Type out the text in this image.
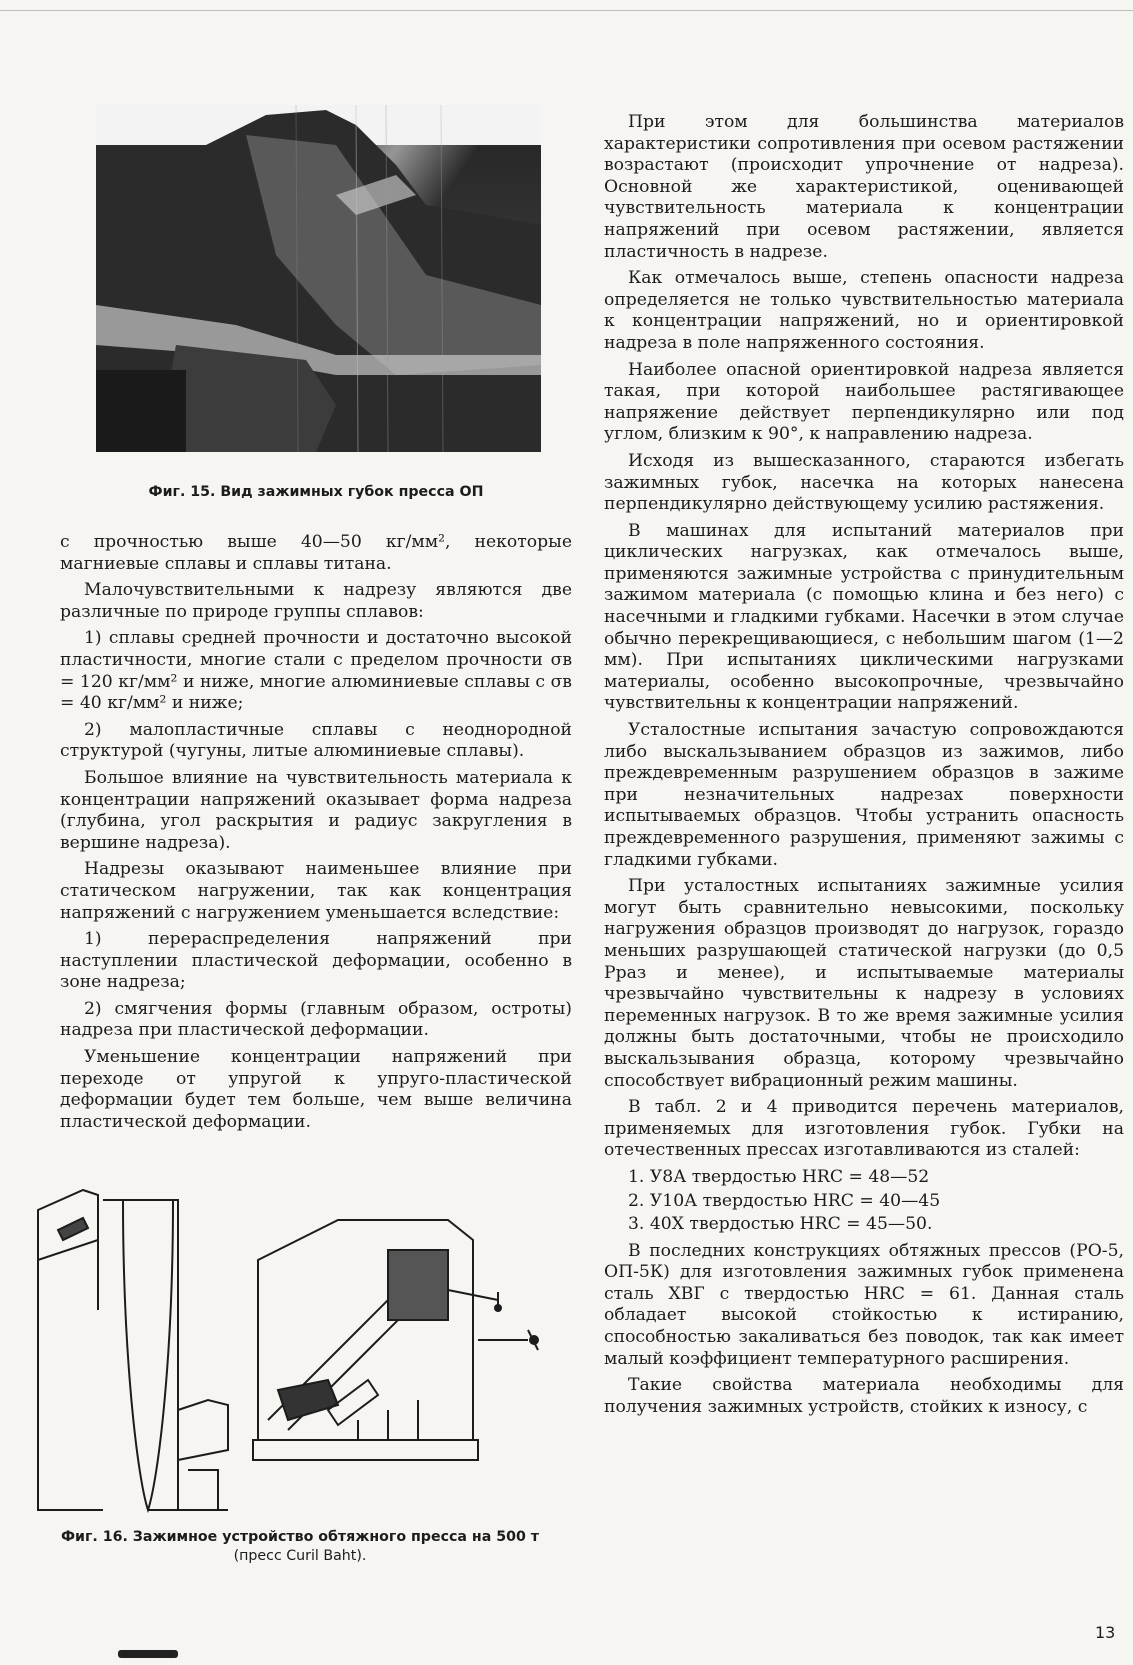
Фиг. 15. Вид зажимных губок пресса ОП

с прочностью выше 40—50 кг/мм², некоторые магниевые сплавы и сплавы титана.

Малочувствительными к надрезу являются две различные по природе группы сплавов:

1) сплавы средней прочности и достаточно высокой пластичности, многие стали с пределом прочности σв = 120 кг/мм² и ниже, многие алюминиевые сплавы с σв = 40 кг/мм² и ниже;

2) малопластичные сплавы с неоднородной структурой (чугуны, литые алюминиевые сплавы).

Большое влияние на чувствительность материала к концентрации напряжений оказывает форма надреза (глубина, угол раскрытия и радиус закругления в вершине надреза).

Надрезы оказывают наименьшее влияние при статическом нагружении, так как концентрация напряжений с нагружением уменьшается вследствие:

1) перераспределения напряжений при наступлении пластической деформации, особенно в зоне надреза;

2) смягчения формы (главным образом, остроты) надреза при пластической деформации.

Уменьшение концентрации напряжений при переходе от упругой к упруго-пластической деформации будет тем больше, чем выше величина пластической деформации.

Фиг. 16. Зажимное устройство обтяжного пресса на 500 т
(пресс Curil Baht).

При этом для большинства материалов характеристики сопротивления при осевом растяжении возрастают (происходит упрочнение от надреза). Основной же характеристикой, оценивающей чувствительность материала к концентрации напряжений при осевом растяжении, является пластичность в надрезе.

Как отмечалось выше, степень опасности надреза определяется не только чувствительностью материала к концентрации напряжений, но и ориентировкой надреза в поле напряженного состояния.

Наиболее опасной ориентировкой надреза является такая, при которой наибольшее растягивающее напряжение действует перпендикулярно или под углом, близким к 90°, к направлению надреза.

Исходя из вышесказанного, стараются избегать зажимных губок, насечка на которых нанесена перпендикулярно действующему усилию растяжения.

В машинах для испытаний материалов при циклических нагрузках, как отмечалось выше, применяются зажимные устройства с принудительным зажимом материала (с помощью клина и без него) с насечными и гладкими губками. Насечки в этом случае обычно перекрещивающиеся, с небольшим шагом (1—2 мм). При испытаниях циклическими нагрузками материалы, особенно высокопрочные, чрезвычайно чувствительны к концентрации напряжений.

Усталостные испытания зачастую сопровождаются либо выскальзыванием образцов из зажимов, либо преждевременным разрушением образцов в зажиме при незначительных надрезах поверхности испытываемых образцов. Чтобы устранить опасность преждевременного разрушения, применяют зажимы с гладкими губками.

При усталостных испытаниях зажимные усилия могут быть сравнительно невысокими, поскольку нагружения образцов производят до нагрузок, гораздо меньших разрушающей статической нагрузки (до 0,5 Pраз и менее), и испытываемые материалы чрезвычайно чувствительны к надрезу в условиях переменных нагрузок. В то же время зажимные усилия должны быть достаточными, чтобы не происходило выскальзывания образца, которому чрезвычайно способствует вибрационный режим машины.

В табл. 2 и 4 приводится перечень материалов, применяемых для изготовления губок. Губки на отечественных прессах изготавливаются из сталей:

1. У8А твердостью HRC = 48—52

2. У10А твердостью HRC = 40—45

3. 40Х твердостью HRC = 45—50.

В последних конструкциях обтяжных прессов (РО-5, ОП-5К) для изготовления зажимных губок применена сталь ХВГ с твердостью HRC = 61. Данная сталь обладает высокой стойкостью к истиранию, способностью закаливаться без поводок, так как имеет малый коэффициент температурного расширения.

Такие свойства материала необходимы для получения зажимных устройств, стойких к износу, с

13
